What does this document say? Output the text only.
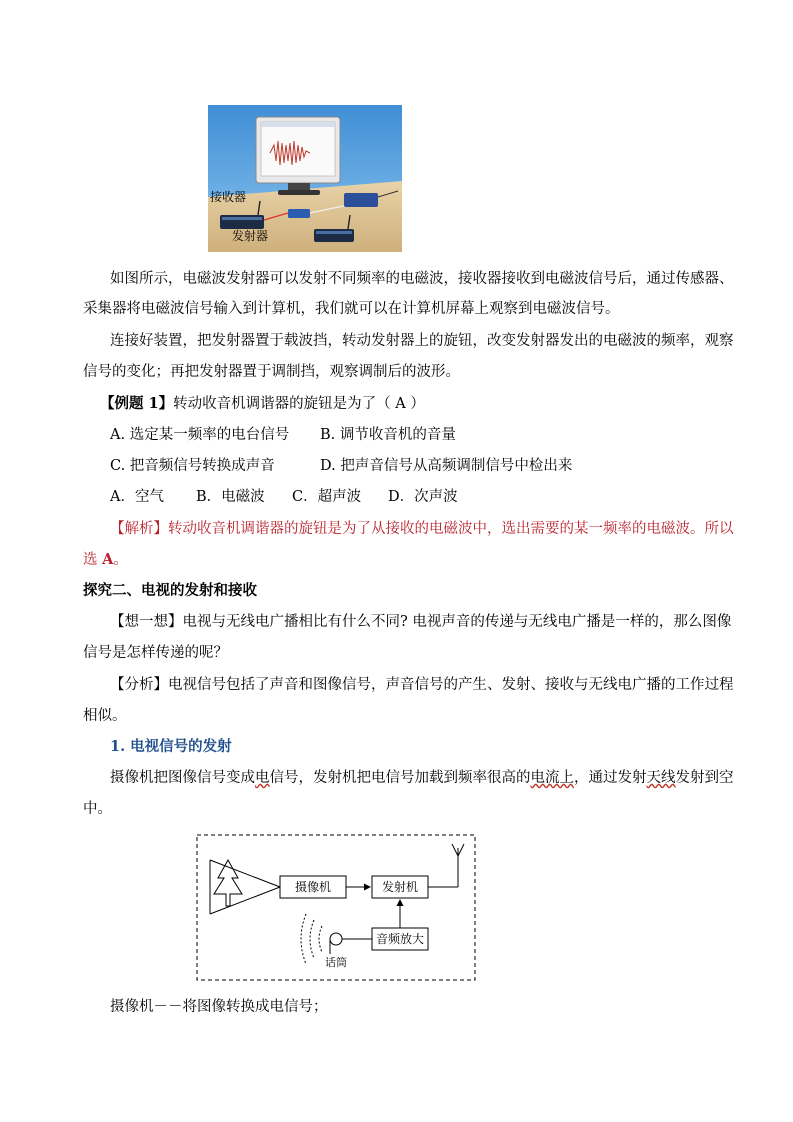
接收器
发射器
如图所示，电磁波发射器可以发射不同频率的电磁波，接收器接收到电磁波信号后，通过传感器、
采集器将电磁波信号输入到计算机，我们就可以在计算机屏幕上观察到电磁波信号。
连接好装置，把发射器置于载波挡，转动发射器上的旋钮，改变发射器发出的电磁波的频率，观察
信号的变化；再把发射器置于调制挡，观察调制后的波形。
【例题 1】转动收音机调谐器的旋钮是为了（ A ）
A. 选定某一频率的电台信号 B. 调节收音机的音量
C. 把音频信号转换成声音	D. 把声音信号从高频调制信号中检出来
A．空气 B．电磁波 C．超声波 D．次声波
【解析】转动收音机调谐器的旋钮是为了从接收的电磁波中，选出需要的某一频率的电磁波。所以
选 A。
探究二、电视的发射和接收
【想一想】电视与无线电广播相比有什么不同? 电视声音的传递与无线电广播是一样的，那么图像
信号是怎样传递的呢？
【分析】电视信号包括了声音和图像信号，声音信号的产生、发射、接收与无线电广播的工作过程
相似。
1. 电视信号的发射
摄像机把图像信号变成电信号，发射机把电信号加载到频率很高的电流上，通过发射天线发射到空
中。
摄像机	发射机
音频放大
话筒
摄像机－－将图像转换成电信号；
